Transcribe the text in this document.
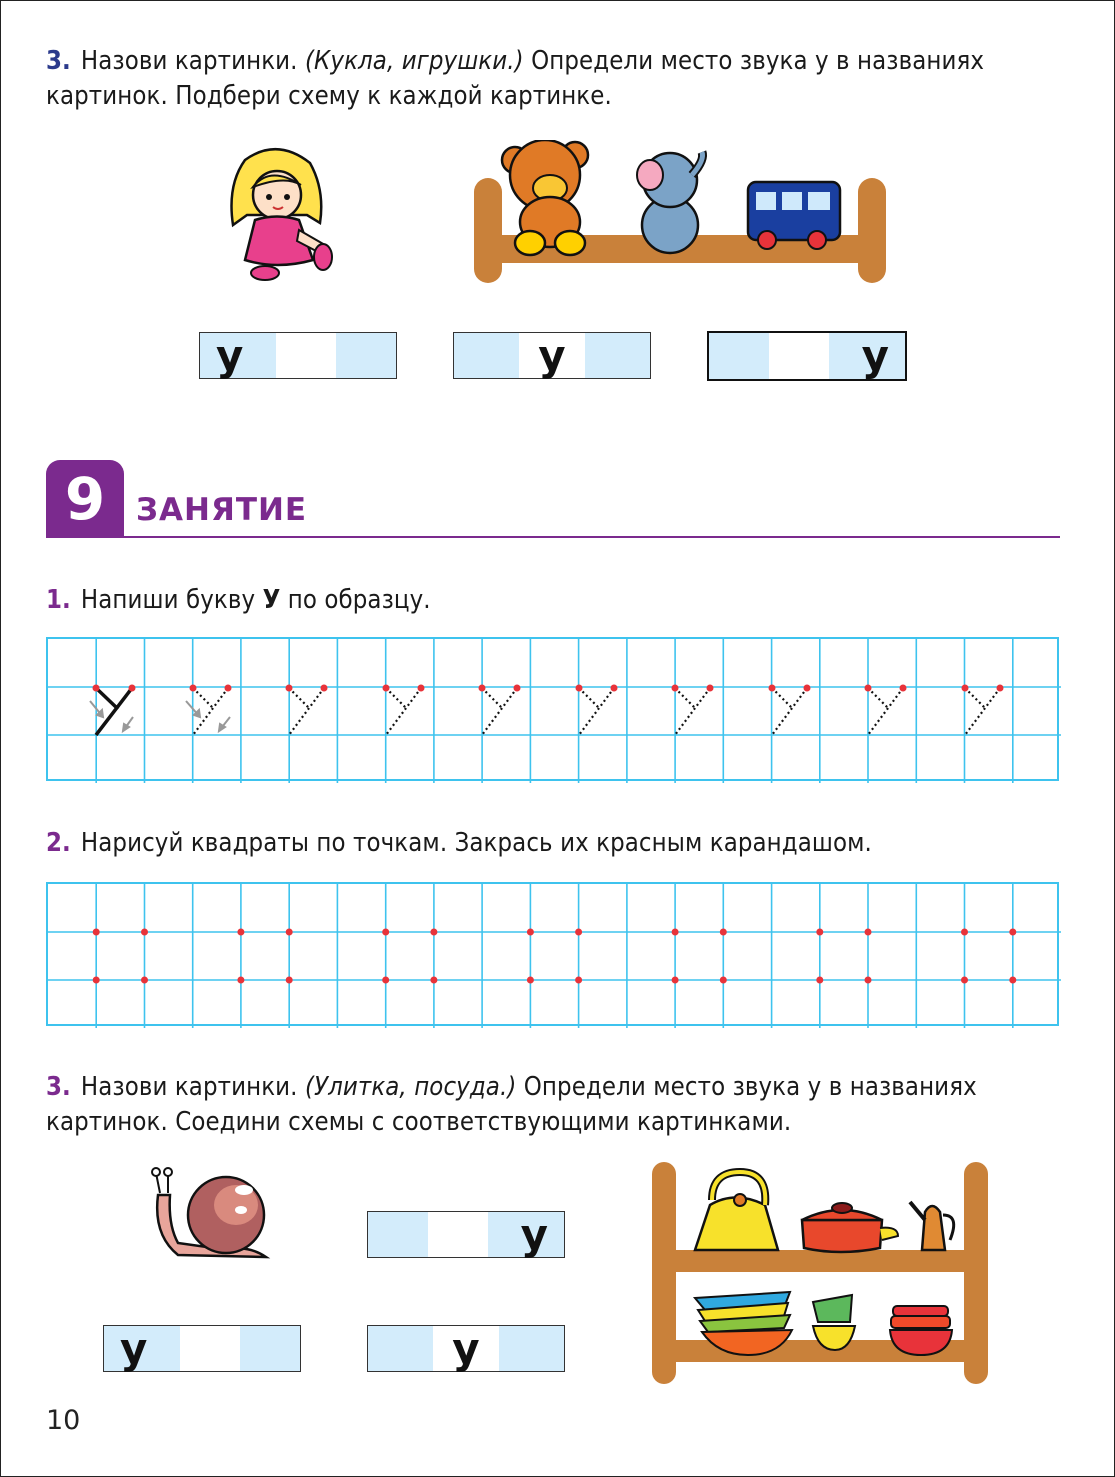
3. Назови картинки. (Кукла, игрушки.) Определи место звука у в названиях
картинок. Подбери схему к каждой картинке.
у	у	у
9 ЗАНЯТИЕ
1. Напиши букву У по образцу.
2. Нарисуй квадраты по точкам. Закрась их красным карандашом.
3. Назови картинки. (Улитка, посуда.) Определи место звука у в названиях
картинок. Соедини схемы с соответствующими картинками.
у
у	у
10
